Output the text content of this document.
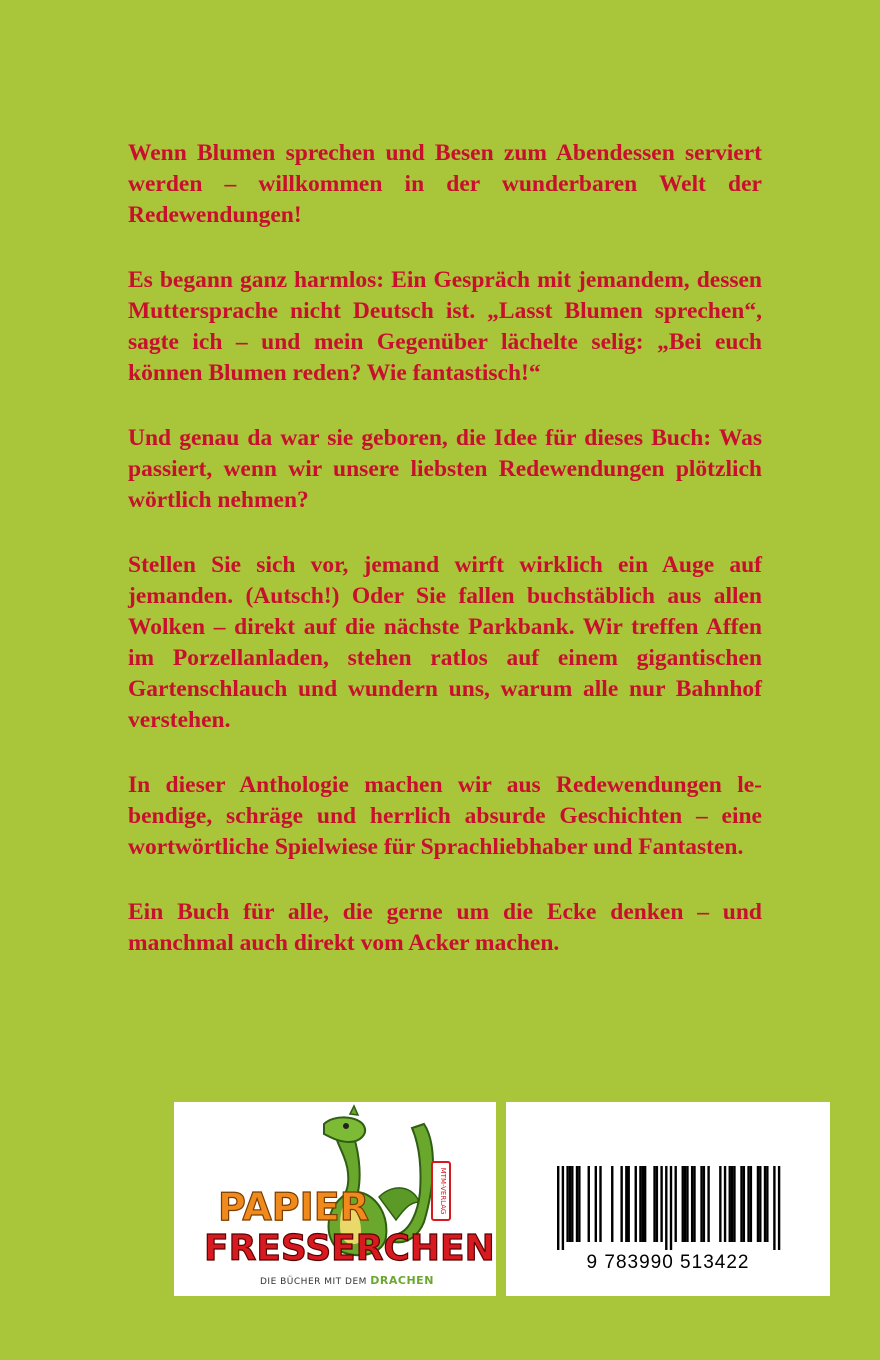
Wenn Blumen sprechen und Besen zum Abendessen serviert werden – willkommen in der wunderbaren Welt der Redewendungen!

Es begann ganz harmlos: Ein Gespräch mit jemandem, dessen Muttersprache nicht Deutsch ist. „Lasst Blumen sprechen“, sagte ich – und mein Gegenüber lächelte selig: „Bei euch können Blumen reden? Wie fantastisch!“

Und genau da war sie geboren, die Idee für dieses Buch: Was passiert, wenn wir unsere liebsten Redewendungen plötzlich wörtlich nehmen?

Stellen Sie sich vor, jemand wirft wirklich ein Auge auf jemanden. (Autsch!) Oder Sie fallen buchstäblich aus allen Wolken – direkt auf die nächste Parkbank. Wir treffen Affen im Porzellanladen, stehen ratlos auf einem gigantischen Gartenschlauch und wundern uns, warum alle nur Bahnhof verstehen.

In dieser Anthologie machen wir aus Redewendungen lebendige, schräge und herrlich absurde Geschichten – eine wortwörtliche Spielwiese für Sprachliebhaber und Fantasten.

Ein Buch für alle, die gerne um die Ecke denken – und manchmal auch direkt vom Acker machen.

MTM-VERLAG
PAPIER
FRESSERCHEN
DIE BÜCHER MIT DEM DRACHEN
9 783990 513422
